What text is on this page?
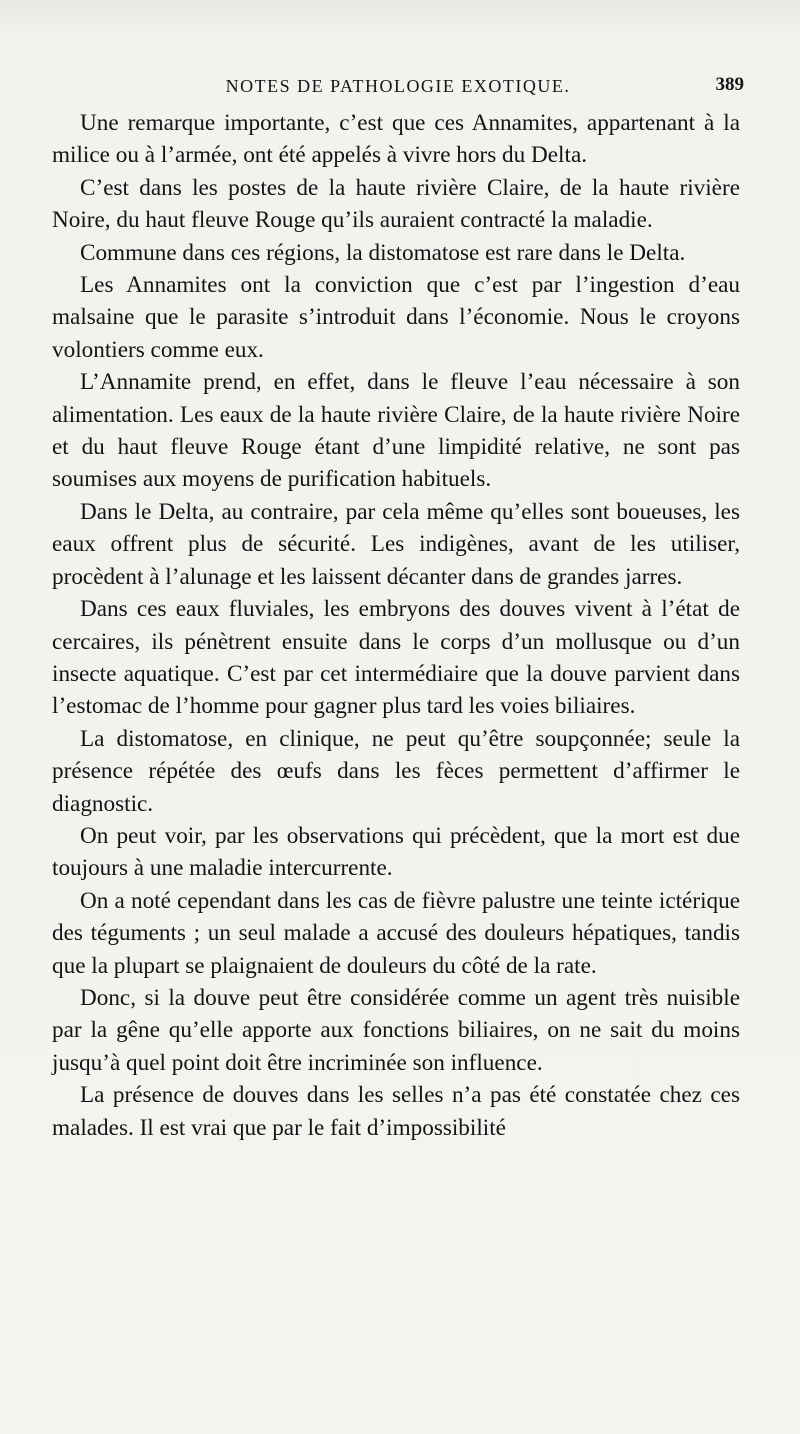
NOTES DE PATHOLOGIE EXOTIQUE.	389

Une remarque importante, c’est que ces Annamites, appartenant à la milice ou à l’armée, ont été appelés à vivre hors du Delta.

C’est dans les postes de la haute rivière Claire, de la haute rivière Noire, du haut fleuve Rouge qu’ils auraient contracté la maladie.

Commune dans ces régions, la distomatose est rare dans le Delta.

Les Annamites ont la conviction que c’est par l’ingestion d’eau malsaine que le parasite s’introduit dans l’économie. Nous le croyons volontiers comme eux.

L’Annamite prend, en effet, dans le fleuve l’eau nécessaire à son alimentation. Les eaux de la haute rivière Claire, de la haute rivière Noire et du haut fleuve Rouge étant d’une limpidité relative, ne sont pas soumises aux moyens de purification habituels.

Dans le Delta, au contraire, par cela même qu’elles sont boueuses, les eaux offrent plus de sécurité. Les indigènes, avant de les utiliser, procèdent à l’alunage et les laissent décanter dans de grandes jarres.

Dans ces eaux fluviales, les embryons des douves vivent à l’état de cercaires, ils pénètrent ensuite dans le corps d’un mollusque ou d’un insecte aquatique. C’est par cet intermédiaire que la douve parvient dans l’estomac de l’homme pour gagner plus tard les voies biliaires.

La distomatose, en clinique, ne peut qu’être soupçonnée; seule la présence répétée des œufs dans les fèces permettent d’affirmer le diagnostic.

On peut voir, par les observations qui précèdent, que la mort est due toujours à une maladie intercurrente.

On a noté cependant dans les cas de fièvre palustre une teinte ictérique des téguments ; un seul malade a accusé des douleurs hépatiques, tandis que la plupart se plaignaient de douleurs du côté de la rate.

Donc, si la douve peut être considérée comme un agent très nuisible par la gêne qu’elle apporte aux fonctions biliaires, on ne sait du moins jusqu’à quel point doit être incriminée son influence.

La présence de douves dans les selles n’a pas été constatée chez ces malades. Il est vrai que par le fait d’impossibilité
